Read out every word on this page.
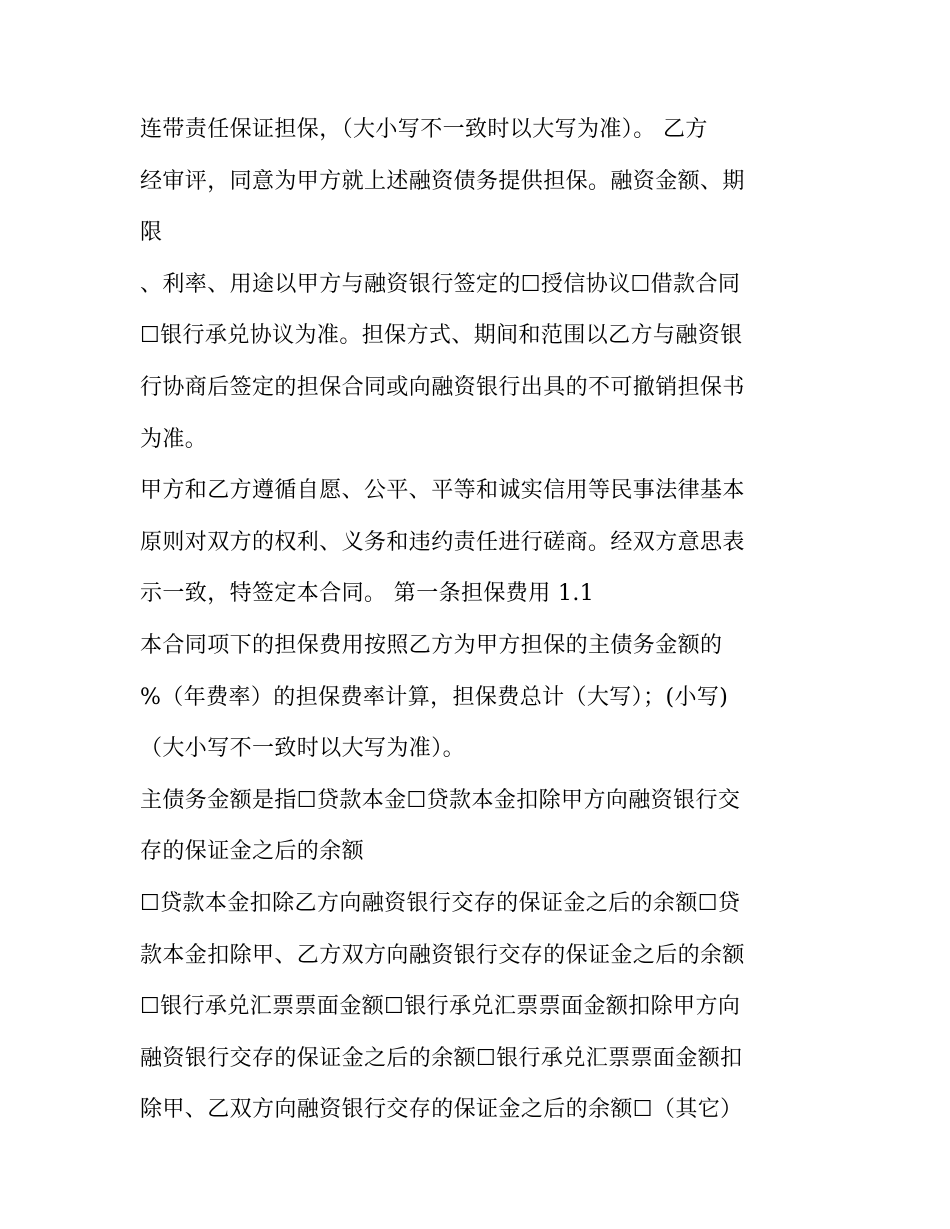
连带责任保证担保，（大小写不一致时以大写为准）。 乙方
经审评，同意为甲方就上述融资债务提供担保。融资金额、期
限
、利率、用途以甲方与融资银行签定的☐授信协议☐借款合同
☐银行承兑协议为准。担保方式、期间和范围以乙方与融资银
行协商后签定的担保合同或向融资银行出具的不可撤销担保书
为准。
甲方和乙方遵循自愿、公平、平等和诚实信用等民事法律基本
原则对双方的权利、义务和违约责任进行磋商。经双方意思表
示一致，特签定本合同。 第一条担保费用 1.1
本合同项下的担保费用按照乙方为甲方担保的主债务金额的
%（年费率）的担保费率计算，担保费总计（大写）；(小写)
（大小写不一致时以大写为准）。
主债务金额是指☐贷款本金☐贷款本金扣除甲方向融资银行交
存的保证金之后的余额
☐贷款本金扣除乙方向融资银行交存的保证金之后的余额☐贷
款本金扣除甲、乙方双方向融资银行交存的保证金之后的余额
☐银行承兑汇票票面金额☐银行承兑汇票票面金额扣除甲方向
融资银行交存的保证金之后的余额☐银行承兑汇票票面金额扣
除甲、乙双方向融资银行交存的保证金之后的余额☐（其它）
